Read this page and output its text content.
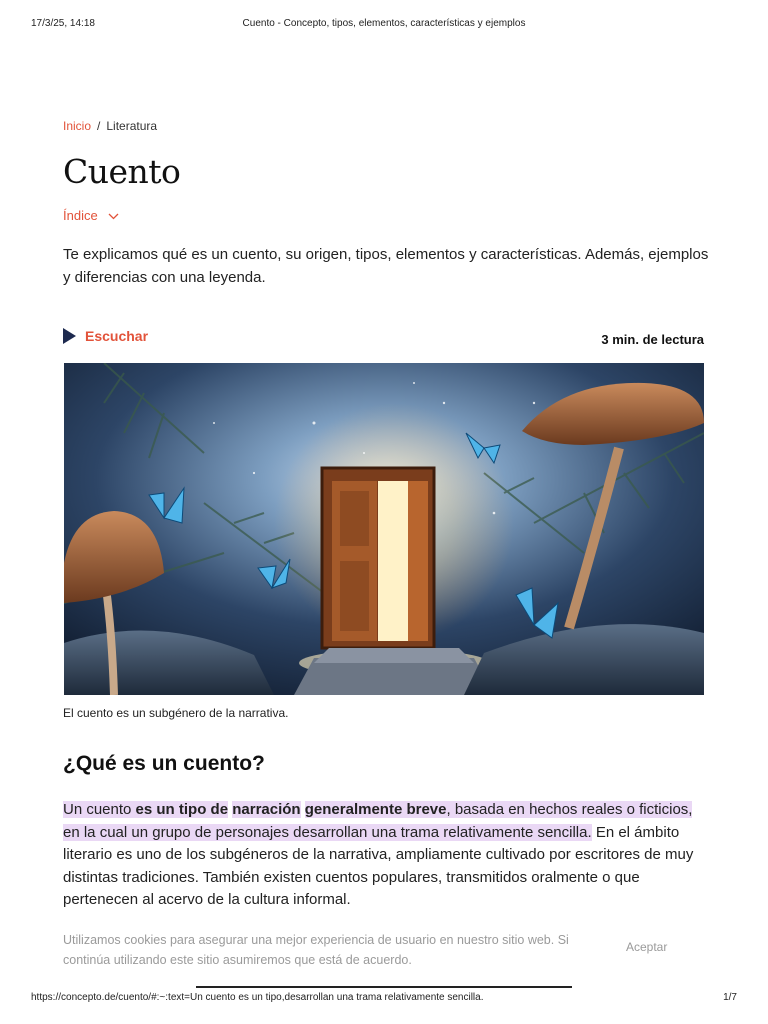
17/3/25, 14:18	Cuento - Concepto, tipos, elementos, características y ejemplos
Inicio / Literatura
Cuento
Índice

Te explicamos qué es un cuento, su origen, tipos, elementos y características. Además, ejemplos y diferencias con una leyenda.

Escuchar	3 min. de lectura
El cuento es un subgénero de la narrativa.
¿Qué es un cuento?

Un cuento es un tipo de narración generalmente breve, basada en hechos reales o ficticios, en la cual un grupo de personajes desarrollan una trama relativamente sencilla. En el ámbito literario es uno de los subgéneros de la narrativa, ampliamente cultivado por escritores de muy distintas tradiciones. También existen cuentos populares, transmitidos oralmente o que pertenecen al acervo de la cultura informal.

Utilizamos cookies para asegurar una mejor experiencia de usuario en nuestro sitio web. Si continúa utilizando este sitio asumiremos que está de acuerdo.
Aceptar
https://concepto.de/cuento/#:~:text=Un cuento es un tipo,desarrollan una trama relativamente sencilla.	1/7
